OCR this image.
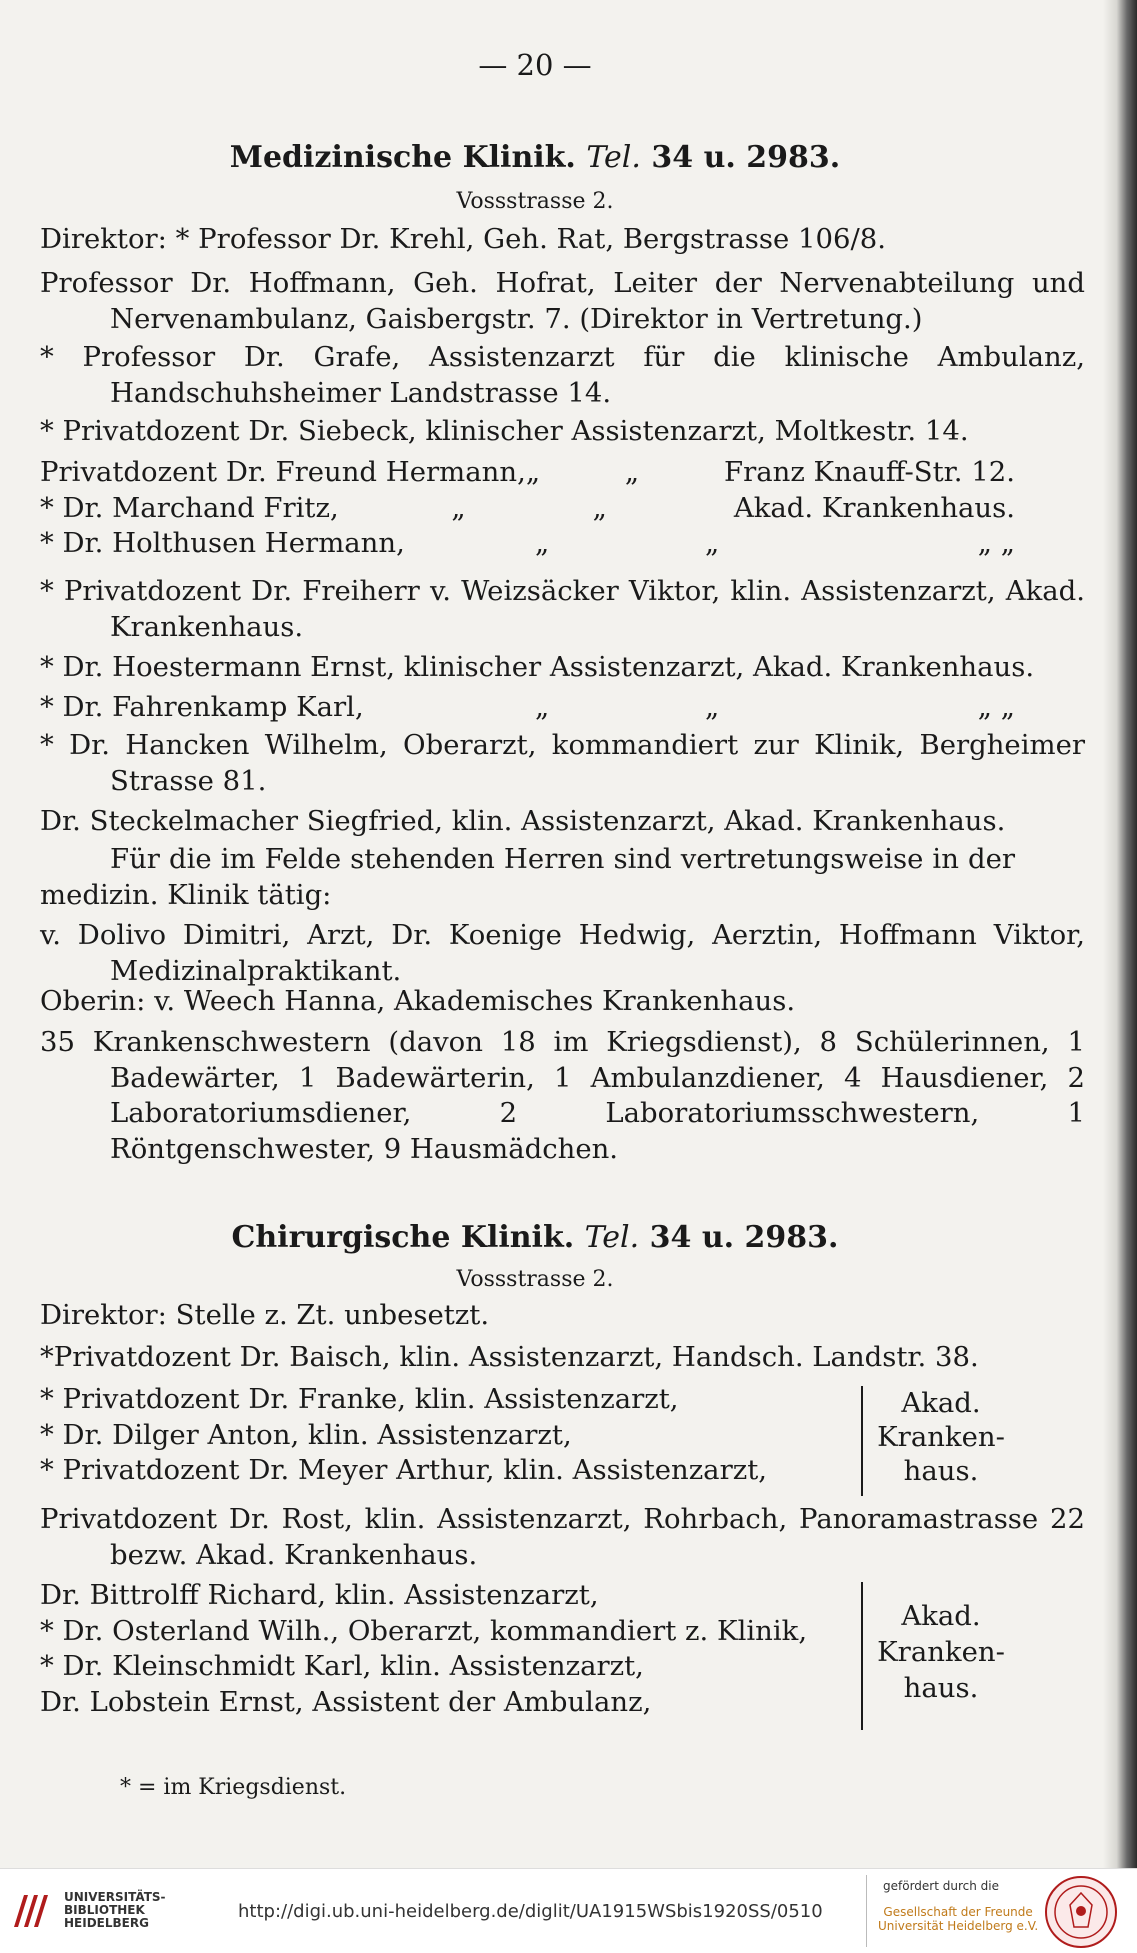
— 20 —
Medizinische Klinik. Tel. 34 u. 2983.
Vossstrasse 2.
Direktor: * Professor Dr. Krehl, Geh. Rat, Bergstrasse 106/8.
Professor Dr. Hoffmann, Geh. Hofrat, Leiter der Nervenabteilung und Nervenambulanz, Gaisbergstr. 7. (Direktor in Vertretung.)
* Professor Dr. Grafe, Assistenzarzt für die klinische Ambulanz, Handschuhsheimer Landstrasse 14.
* Privatdozent Dr. Siebeck, klinischer Assistenzarzt, Moltkestr. 14.
Privatdozent Dr. Freund Hermann, „	„	Franz Knauff-Str. 12.
* Dr. Marchand Fritz,	„	„	Akad. Krankenhaus.
* Dr. Holthusen Hermann,	„	„	„ „
* Privatdozent Dr. Freiherr v. Weizsäcker Viktor, klin. Assistenzarzt, Akad. Krankenhaus.
* Dr. Hoestermann Ernst, klinischer Assistenzarzt, Akad. Krankenhaus.
* Dr. Fahrenkamp Karl,	„	„	„ „
* Dr. Hancken Wilhelm, Oberarzt, kommandiert zur Klinik, Bergheimer Strasse 81.
Dr. Steckelmacher Siegfried, klin. Assistenzarzt, Akad. Krankenhaus.
Für die im Felde stehenden Herren sind vertretungsweise in der medizin. Klinik tätig:
v. Dolivo Dimitri, Arzt, Dr. Koenige Hedwig, Aerztin, Hoffmann Viktor, Medizinalpraktikant.
Oberin: v. Weech Hanna, Akademisches Krankenhaus.
35 Krankenschwestern (davon 18 im Kriegsdienst), 8 Schülerinnen, 1 Badewärter, 1 Badewärterin, 1 Ambulanzdiener, 4 Hausdiener, 2 Laboratoriumsdiener, 2 Laboratoriumsschwestern, 1 Röntgenschwester, 9 Hausmädchen.
Chirurgische Klinik. Tel. 34 u. 2983.
Vossstrasse 2.
Direktor: Stelle z. Zt. unbesetzt.
*Privatdozent Dr. Baisch, klin. Assistenzarzt, Handsch. Landstr. 38.
* Privatdozent Dr. Franke, klin. Assistenzarzt,
* Dr. Dilger Anton, klin. Assistenzarzt,
* Privatdozent Dr. Meyer Arthur, klin. Assistenzarzt,
Akad.
Kranken-
haus.
Privatdozent Dr. Rost, klin. Assistenzarzt, Rohrbach, Panoramastrasse 22 bezw. Akad. Krankenhaus.
Dr. Bittrolff Richard, klin. Assistenzarzt,
* Dr. Osterland Wilh., Oberarzt, kommandiert z. Klinik,
* Dr. Kleinschmidt Karl, klin. Assistenzarzt,
Dr. Lobstein Ernst, Assistent der Ambulanz,
Akad.
Kranken-
haus.
* = im Kriegsdienst.
UNIVERSITÄTS-
BIBLIOTHEK
HEIDELBERG
http://digi.ub.uni-heidelberg.de/diglit/UA1915WSbis1920SS/0510
gefördert durch die
Gesellschaft der Freunde
Universität Heidelberg e.V.
